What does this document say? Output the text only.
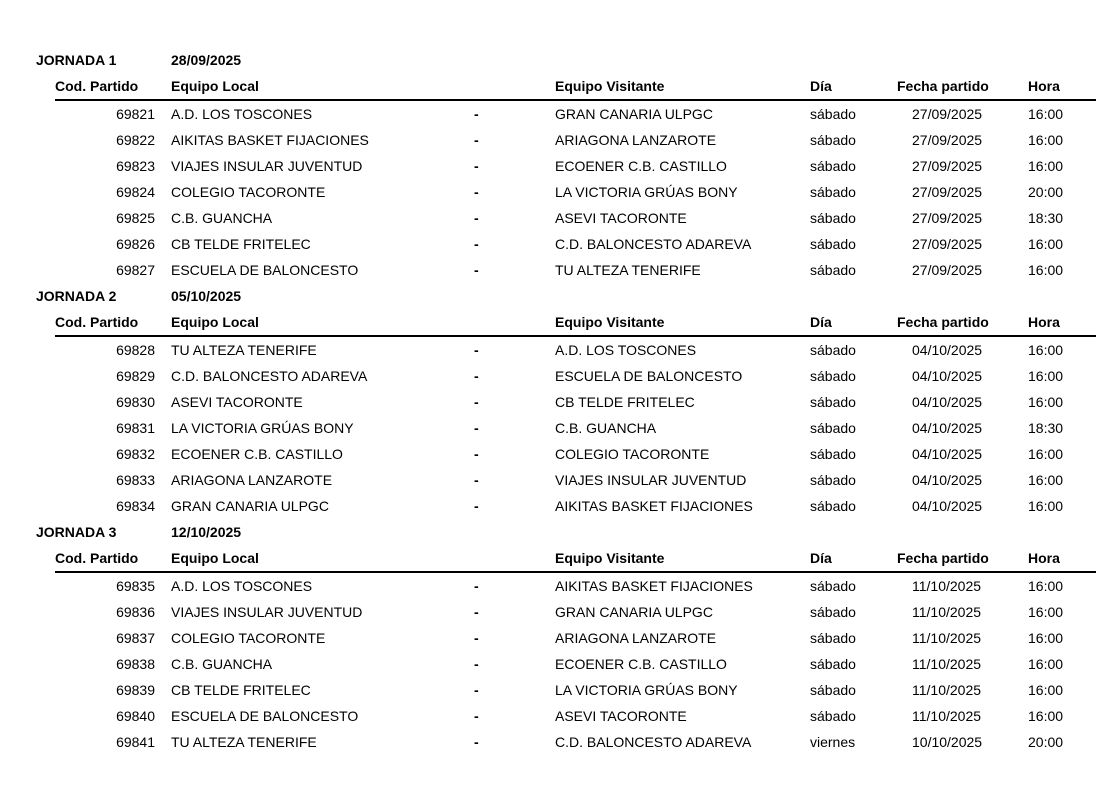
JORNADA 1	28/09/2025
Cod. Partido Equipo Local	Equipo Visitante	Día	Fecha partido	Hora
69821 A.D. LOS TOSCONES	-	GRAN CANARIA ULPGC	sábado	27/09/2025	16:00
69822 AIKITAS BASKET FIJACIONES	-	ARIAGONA LANZAROTE	sábado	27/09/2025	16:00
69823 VIAJES INSULAR JUVENTUD	-	ECOENER C.B. CASTILLO	sábado	27/09/2025	16:00
69824 COLEGIO TACORONTE	-	LA VICTORIA GRÚAS BONY	sábado	27/09/2025	20:00
69825 C.B. GUANCHA	-	ASEVI TACORONTE	sábado	27/09/2025	18:30
69826 CB TELDE FRITELEC	-	C.D. BALONCESTO ADAREVA	sábado	27/09/2025	16:00
69827 ESCUELA DE BALONCESTO	-	TU ALTEZA TENERIFE	sábado	27/09/2025	16:00
JORNADA 2	05/10/2025
Cod. Partido Equipo Local	Equipo Visitante	Día	Fecha partido	Hora
69828 TU ALTEZA TENERIFE	-	A.D. LOS TOSCONES	sábado	04/10/2025	16:00
69829 C.D. BALONCESTO ADAREVA	-	ESCUELA DE BALONCESTO	sábado	04/10/2025	16:00
69830 ASEVI TACORONTE	-	CB TELDE FRITELEC	sábado	04/10/2025	16:00
69831 LA VICTORIA GRÚAS BONY	-	C.B. GUANCHA	sábado	04/10/2025	18:30
69832 ECOENER C.B. CASTILLO	-	COLEGIO TACORONTE	sábado	04/10/2025	16:00
69833 ARIAGONA LANZAROTE	-	VIAJES INSULAR JUVENTUD	sábado	04/10/2025	16:00
69834 GRAN CANARIA ULPGC	-	AIKITAS BASKET FIJACIONES	sábado	04/10/2025	16:00
JORNADA 3	12/10/2025
Cod. Partido Equipo Local	Equipo Visitante	Día	Fecha partido	Hora
69835 A.D. LOS TOSCONES	-	AIKITAS BASKET FIJACIONES	sábado	11/10/2025	16:00
69836 VIAJES INSULAR JUVENTUD	-	GRAN CANARIA ULPGC	sábado	11/10/2025	16:00
69837 COLEGIO TACORONTE	-	ARIAGONA LANZAROTE	sábado	11/10/2025	16:00
69838 C.B. GUANCHA	-	ECOENER C.B. CASTILLO	sábado	11/10/2025	16:00
69839 CB TELDE FRITELEC	-	LA VICTORIA GRÚAS BONY	sábado	11/10/2025	16:00
69840 ESCUELA DE BALONCESTO	-	ASEVI TACORONTE	sábado	11/10/2025	16:00
69841 TU ALTEZA TENERIFE	-	C.D. BALONCESTO ADAREVA	viernes	10/10/2025	20:00
